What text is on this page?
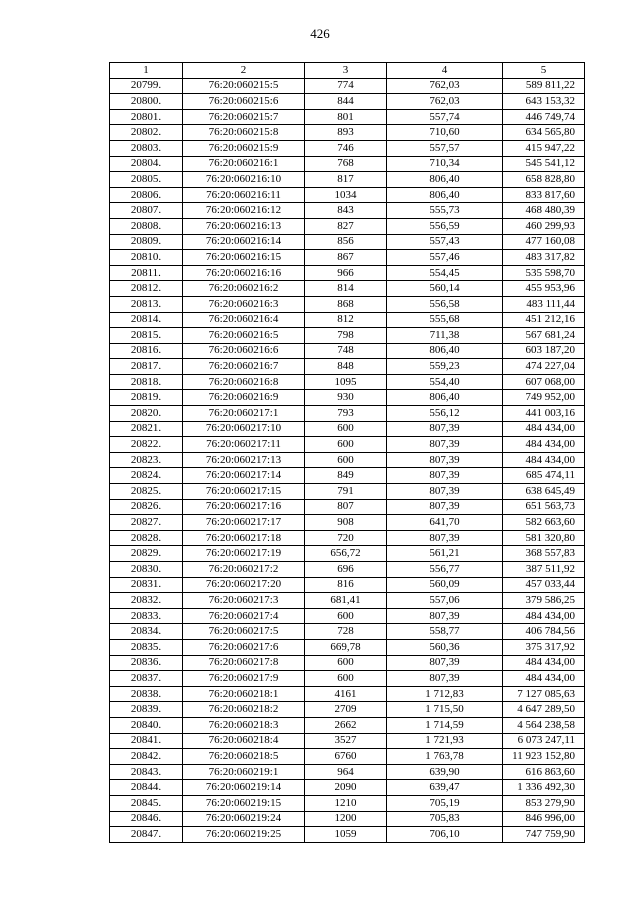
426
1	2	3	4	5
20799.	76:20:060215:5	774	762,03	589 811,22
20800.	76:20:060215:6	844	762,03	643 153,32
20801.	76:20:060215:7	801	557,74	446 749,74
20802.	76:20:060215:8	893	710,60	634 565,80
20803.	76:20:060215:9	746	557,57	415 947,22
20804.	76:20:060216:1	768	710,34	545 541,12
20805.	76:20:060216:10	817	806,40	658 828,80
20806.	76:20:060216:11	1034	806,40	833 817,60
20807.	76:20:060216:12	843	555,73	468 480,39
20808.	76:20:060216:13	827	556,59	460 299,93
20809.	76:20:060216:14	856	557,43	477 160,08
20810.	76:20:060216:15	867	557,46	483 317,82
20811.	76:20:060216:16	966	554,45	535 598,70
20812.	76:20:060216:2	814	560,14	455 953,96
20813.	76:20:060216:3	868	556,58	483 111,44
20814.	76:20:060216:4	812	555,68	451 212,16
20815.	76:20:060216:5	798	711,38	567 681,24
20816.	76:20:060216:6	748	806,40	603 187,20
20817.	76:20:060216:7	848	559,23	474 227,04
20818.	76:20:060216:8	1095	554,40	607 068,00
20819.	76:20:060216:9	930	806,40	749 952,00
20820.	76:20:060217:1	793	556,12	441 003,16
20821.	76:20:060217:10	600	807,39	484 434,00
20822.	76:20:060217:11	600	807,39	484 434,00
20823.	76:20:060217:13	600	807,39	484 434,00
20824.	76:20:060217:14	849	807,39	685 474,11
20825.	76:20:060217:15	791	807,39	638 645,49
20826.	76:20:060217:16	807	807,39	651 563,73
20827.	76:20:060217:17	908	641,70	582 663,60
20828.	76:20:060217:18	720	807,39	581 320,80
20829.	76:20:060217:19	656,72	561,21	368 557,83
20830.	76:20:060217:2	696	556,77	387 511,92
20831.	76:20:060217:20	816	560,09	457 033,44
20832.	76:20:060217:3	681,41	557,06	379 586,25
20833.	76:20:060217:4	600	807,39	484 434,00
20834.	76:20:060217:5	728	558,77	406 784,56
20835.	76:20:060217:6	669,78	560,36	375 317,92
20836.	76:20:060217:8	600	807,39	484 434,00
20837.	76:20:060217:9	600	807,39	484 434,00
20838.	76:20:060218:1	4161	1 712,83	7 127 085,63
20839.	76:20:060218:2	2709	1 715,50	4 647 289,50
20840.	76:20:060218:3	2662	1 714,59	4 564 238,58
20841.	76:20:060218:4	3527	1 721,93	6 073 247,11
20842.	76:20:060218:5	6760	1 763,78	11 923 152,80
20843.	76:20:060219:1	964	639,90	616 863,60
20844.	76:20:060219:14	2090	639,47	1 336 492,30
20845.	76:20:060219:15	1210	705,19	853 279,90
20846.	76:20:060219:24	1200	705,83	846 996,00
20847.	76:20:060219:25	1059	706,10	747 759,90
